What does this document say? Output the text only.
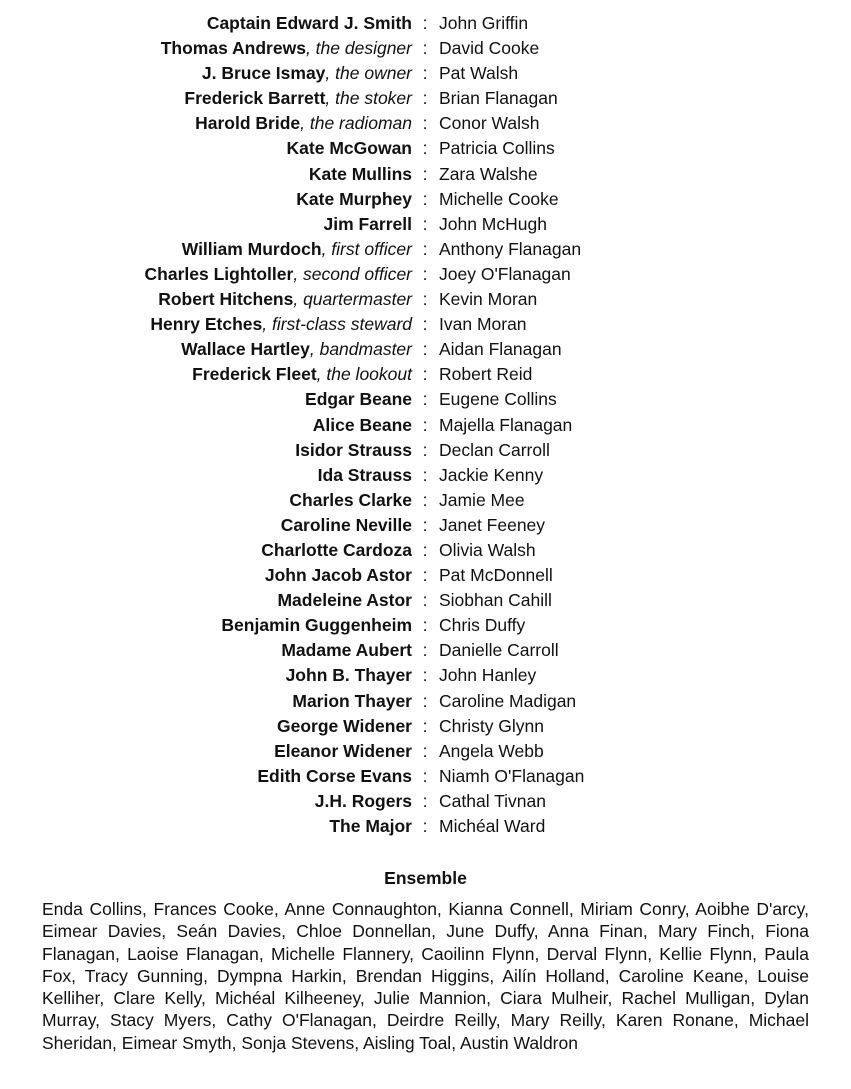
Captain Edward J. Smith : John Griffin
Thomas Andrews, the designer : David Cooke
J. Bruce Ismay, the owner : Pat Walsh
Frederick Barrett, the stoker : Brian Flanagan
Harold Bride, the radioman : Conor Walsh
Kate McGowan : Patricia Collins
Kate Mullins : Zara Walshe
Kate Murphey : Michelle Cooke
Jim Farrell : John McHugh
William Murdoch, first officer : Anthony Flanagan
Charles Lightoller, second officer : Joey O'Flanagan
Robert Hitchens, quartermaster : Kevin Moran
Henry Etches, first-class steward : Ivan Moran
Wallace Hartley, bandmaster : Aidan Flanagan
Frederick Fleet, the lookout : Robert Reid
Edgar Beane : Eugene Collins
Alice Beane : Majella Flanagan
Isidor Strauss : Declan Carroll
Ida Strauss : Jackie Kenny
Charles Clarke : Jamie Mee
Caroline Neville : Janet Feeney
Charlotte Cardoza : Olivia Walsh
John Jacob Astor : Pat McDonnell
Madeleine Astor : Siobhan Cahill
Benjamin Guggenheim : Chris Duffy
Madame Aubert : Danielle Carroll
John B. Thayer : John Hanley
Marion Thayer : Caroline Madigan
George Widener : Christy Glynn
Eleanor Widener : Angela Webb
Edith Corse Evans : Niamh O'Flanagan
J.H. Rogers : Cathal Tivnan
The Major : Michéal Ward
Ensemble
Enda Collins, Frances Cooke, Anne Connaughton, Kianna Connell, Miriam Conry, Aoibhe D'arcy, Eimear Davies, Seán Davies, Chloe Donnellan, June Duffy, Anna Finan, Mary Finch, Fiona Flanagan, Laoise Flanagan, Michelle Flannery, Caoilinn Flynn, Derval Flynn, Kellie Flynn, Paula Fox, Tracy Gunning, Dympna Harkin, Brendan Higgins, Ailín Holland, Caroline Keane, Louise Kelliher, Clare Kelly, Michéal Kilheeney, Julie Mannion, Ciara Mulheir, Rachel Mulligan, Dylan Murray, Stacy Myers, Cathy O'Flanagan, Deirdre Reilly, Mary Reilly, Karen Ronane, Michael Sheridan, Eimear Smyth, Sonja Stevens, Aisling Toal, Austin Waldron
